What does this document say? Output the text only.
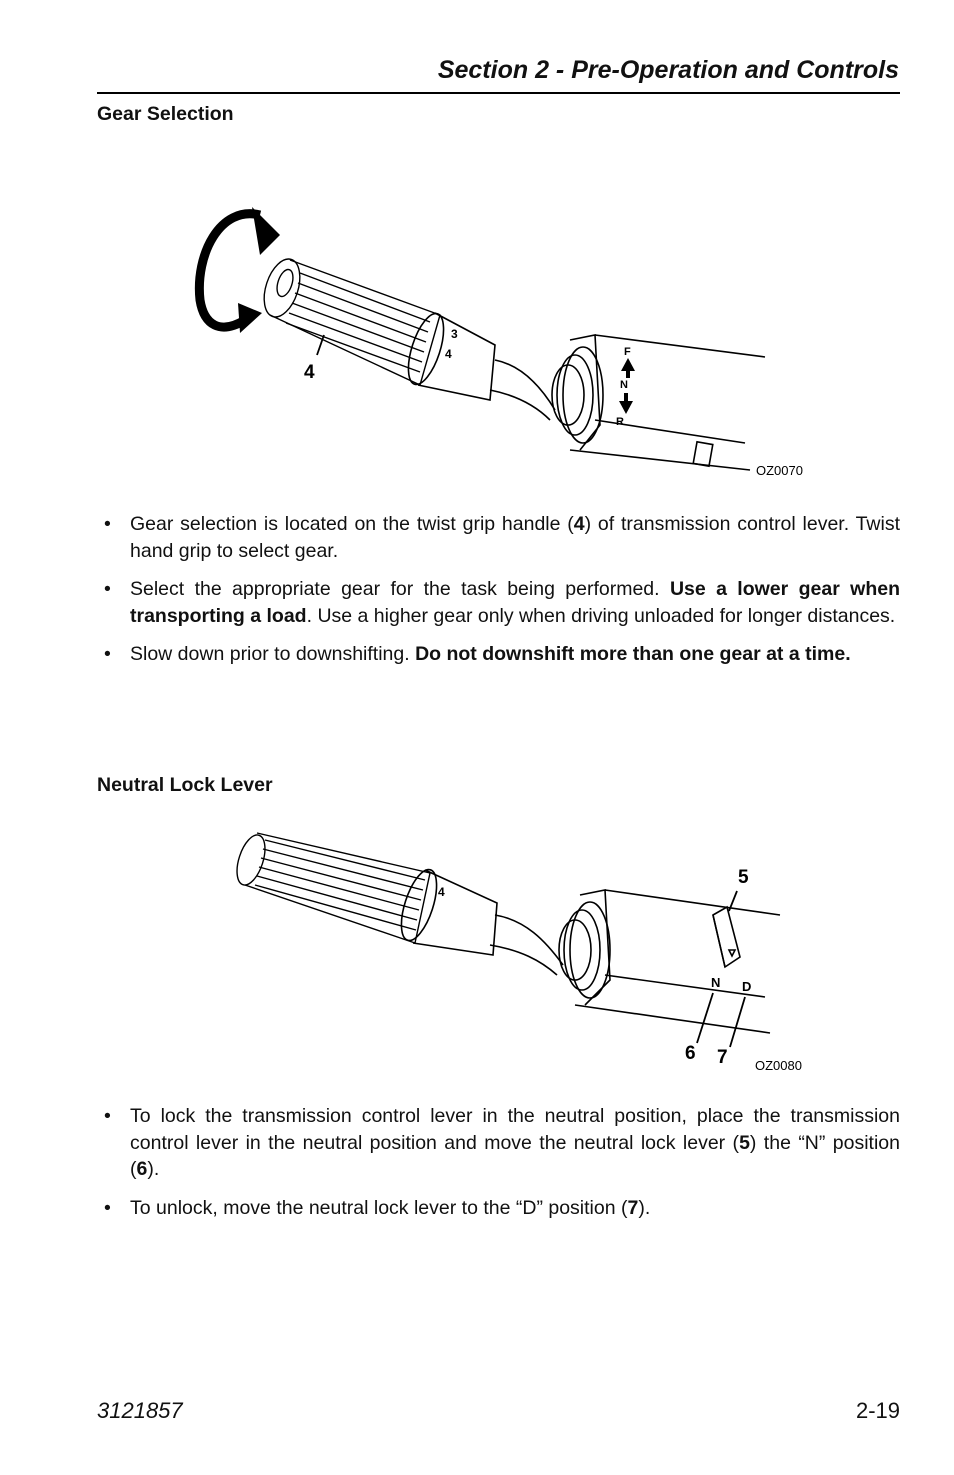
Section 2 - Pre-Operation and Controls
Gear Selection
3
4	F
N
R
4
OZ0070
• Gear selection is located on the twist grip handle (4) of transmission control lever. Twist hand grip to select gear.
• Select the appropriate gear for the task being performed. Use a lower gear when transporting a load. Use a higher gear only when driving unloaded for longer distances.
• Slow down prior to downshifting. Do not downshift more than one gear at a time.
Neutral Lock Lever
4
5
N D
6 7 OZ0080
• To lock the transmission control lever in the neutral position, place the transmission control lever in the neutral position and move the neutral lock lever (5) the “N” position (6).
• To unlock, move the neutral lock lever to the “D” position (7).
3121857	2-19
